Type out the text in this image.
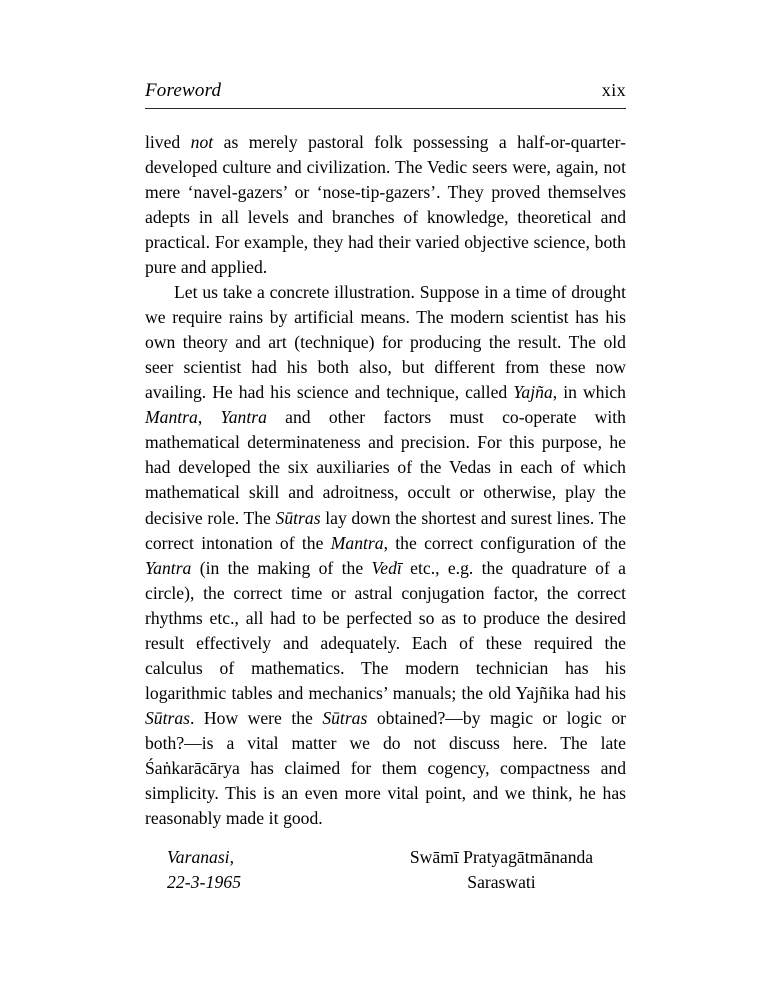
Foreword	xix

lived not as merely pastoral folk possessing a half-or-quarter-developed culture and civilization. The Vedic seers were, again, not mere ‘navel-gazers’ or ‘nose-tip-gazers’. They proved themselves adepts in all levels and branches of knowledge, theoretical and practical. For example, they had their varied objective science, both pure and applied.

Let us take a concrete illustration. Suppose in a time of drought we require rains by artificial means. The modern scientist has his own theory and art (technique) for producing the result. The old seer scientist had his both also, but different from these now availing. He had his science and technique, called Yajña, in which Mantra, Yantra and other factors must co-operate with mathematical determinateness and precision. For this purpose, he had developed the six auxiliaries of the Vedas in each of which mathematical skill and adroitness, occult or otherwise, play the decisive role. The Sūtras lay down the shortest and surest lines. The correct intonation of the Mantra, the correct configuration of the Yantra (in the making of the Vedī etc., e.g. the quadrature of a circle), the correct time or astral conjugation factor, the correct rhythms etc., all had to be perfected so as to produce the desired result effectively and adequately. Each of these required the calculus of mathematics. The modern technician has his logarithmic tables and mechanics’ manuals; the old Yajñika had his Sūtras. How were the Sūtras obtained?—by magic or logic or both?—is a vital matter we do not discuss here. The late Śaṅkarācārya has claimed for them cogency, compactness and simplicity. This is an even more vital point, and we think, he has reasonably made it good.

Varanasi,
22-3-1965
Swāmī Pratyagātmānanda
Saraswati
